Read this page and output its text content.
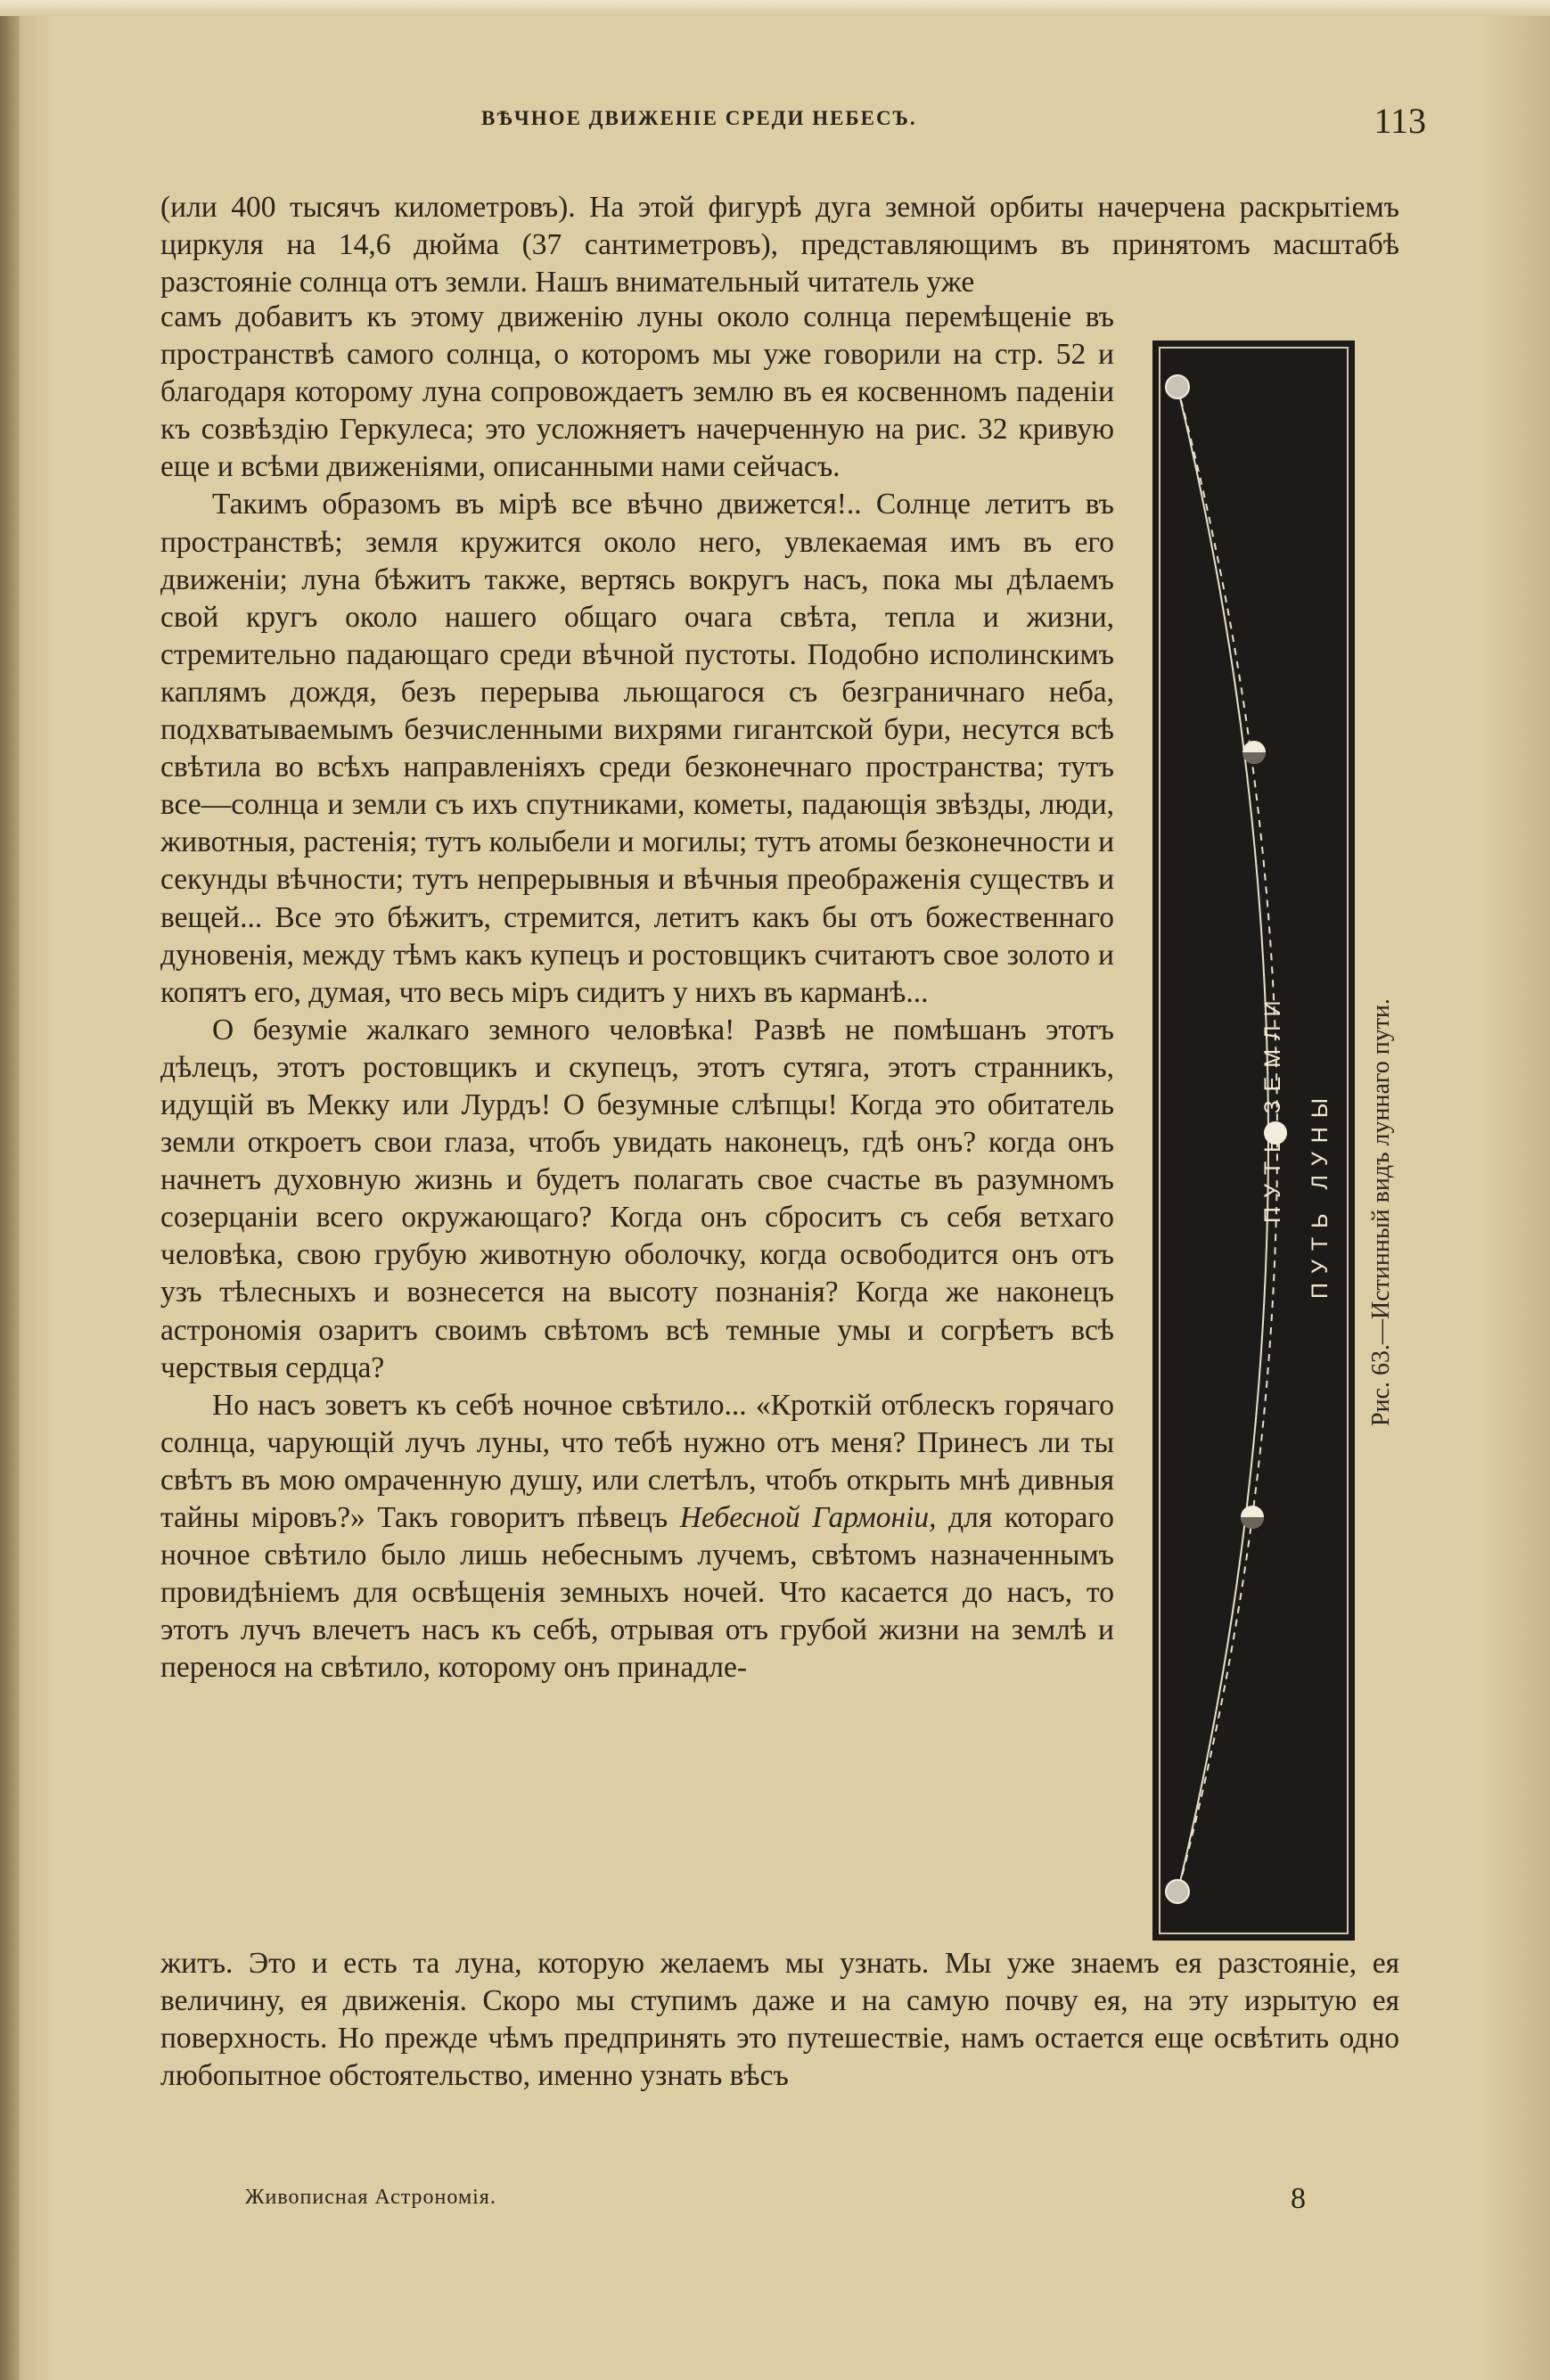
ВѢЧНОЕ ДВИЖЕНІЕ СРЕДИ НЕБЕСЪ.	113

(или 400 тысячъ километровъ). На этой фигурѣ дуга земной орбиты начерчена раскрытіемъ циркуля на 14,6 дюйма (37 сантиметровъ), представляющимъ въ принятомъ масштабѣ разстояніе солнца отъ земли. Нашъ внимательный читатель уже

самъ добавитъ къ этому движенію луны около солнца перемѣщеніе въ пространствѣ самого солнца, о которомъ мы уже говорили на стр. 52 и благодаря которому луна сопровождаетъ землю въ ея косвенномъ паденіи къ созвѣздію Геркулеса; это усложняетъ начерченную на рис. 32 кривую еще и всѣми движеніями, описанными нами сейчасъ.

Такимъ образомъ въ мірѣ все вѣчно движется!.. Солнце летитъ въ пространствѣ; земля кружится около него, увлекаемая имъ въ его движеніи; луна бѣжитъ также, вертясь вокругъ насъ, пока мы дѣлаемъ свой кругъ около нашего общаго очага свѣта, тепла и жизни, стремительно падающаго среди вѣчной пустоты. Подобно исполинскимъ каплямъ дождя, безъ перерыва льющагося съ безграничнаго неба, подхватываемымъ безчисленными вихрями гигантской бури, несутся всѣ свѣтила во всѣхъ направленіяхъ среди безконечнаго пространства; тутъ все—солнца и земли съ ихъ спутниками, кометы, падающія звѣзды, люди, животныя, растенія; тутъ колыбели и могилы; тутъ атомы безконечности и секунды вѣчности; тутъ непрерывныя и вѣчныя преображенія существъ и вещей... Все это бѣжитъ, стремится, летитъ какъ бы отъ божественнаго дуновенія, между тѣмъ какъ купецъ и ростовщикъ считаютъ свое золото и копятъ его, думая, что весь міръ сидитъ у нихъ въ карманѣ...

О безуміе жалкаго земного человѣка! Развѣ не помѣшанъ этотъ дѣлецъ, этотъ ростовщикъ и скупецъ, этотъ сутяга, этотъ странникъ, идущій въ Мекку или Лурдъ! О безумные слѣпцы! Когда это обитатель земли откроетъ свои глаза, чтобъ увидать наконецъ, гдѣ онъ? когда онъ начнетъ духовную жизнь и будетъ полагать свое счастье въ разумномъ созерцаніи всего окружающаго? Когда онъ сброситъ съ себя ветхаго человѣка, свою грубую животную оболочку, когда освободится онъ отъ узъ тѣлесныхъ и вознесется на высоту познанія? Когда же наконецъ астрономія озаритъ своимъ свѣтомъ всѣ темные умы и согрѣетъ всѣ черствыя сердца?

Но насъ зоветъ къ себѣ ночное свѣтило... «Кроткій отблескъ горячаго солнца, чарующій лучъ луны, что тебѣ нужно отъ меня? Принесъ ли ты свѣтъ въ мою омраченную душу, или слетѣлъ, чтобъ открыть мнѣ дивныя тайны міровъ?» Такъ говоритъ пѣвецъ Небесной Гармоніи, для котораго ночное свѣтило было лишь небеснымъ лучемъ, свѣтомъ назначеннымъ провидѣніемъ для освѣщенія земныхъ ночей. Что касается до насъ, то этотъ лучъ влечетъ насъ къ себѣ, отрывая отъ грубой жизни на землѣ и перенося на свѣтило, которому онъ принадле-

житъ. Это и есть та луна, которую желаемъ мы узнать. Мы уже знаемъ ея разстояніе, ея величину, ея движенія. Скоро мы ступимъ даже и на самую почву ея, на эту изрытую ея поверхность. Но прежде чѣмъ предпринять это путешествіе, намъ остается еще освѣтить одно любопытное обстоятельство, именно узнать вѣсъ

ПУТЬ ЗЕМЛИ ПУТЬ ЛУНЫ Рис. 63.—Истинный видъ луннаго пути.
Живописная Астрономія.	8
